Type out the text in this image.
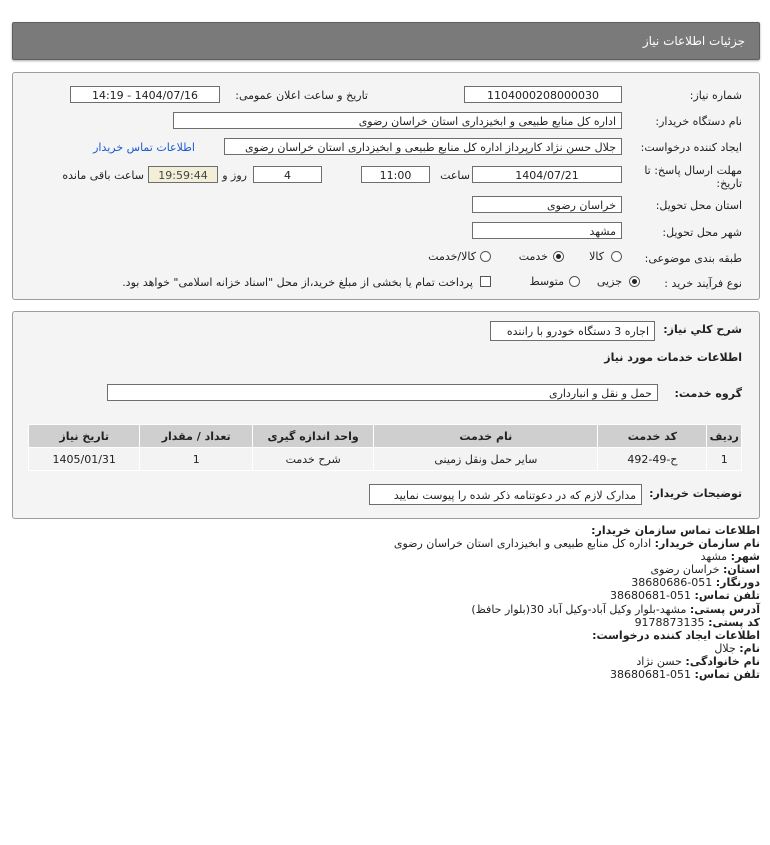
جزئیات اطلاعات نیاز
شماره نیاز:
1104000208000030
تاریخ و ساعت اعلان عمومی:
1404/07/16 - 14:19
نام دستگاه خریدار:
اداره کل منابع طبیعی و ابخیزداری استان خراسان رضوی
ایجاد کننده درخواست:
جلال حسن نژاد کارپرداز اداره کل منابع طبیعی و ابخیزداری استان خراسان رضوی
اطلاعات تماس خریدار
مهلت ارسال پاسخ: تا تاریخ:
1404/07/21
ساعت
11:00
4
روز و
19:59:44
ساعت باقی مانده
استان محل تحویل:
خراسان رضوی
شهر محل تحویل:
مشهد
طبقه بندی موضوعی:
کالا
خدمت
کالا/خدمت
نوع فرآیند خرید :
جزیی
متوسط
پرداخت تمام یا بخشی از مبلغ خرید،از محل "اسناد خزانه اسلامی" خواهد بود.
شرح کلي نياز:
اجاره 3 دستگاه خودرو با راننده
اطلاعات خدمات مورد نیاز
گروه خدمت:
حمل و نقل و انبارداری
ردیف	کد خدمت	نام خدمت	واحد اندازه گیری	تعداد / مقدار	تاریخ نیاز
1	ح-49-492	سایر حمل ونقل زمینی	شرح خدمت	1	1405/01/31
توضیحات خریدار:
مدارک لازم که در دعوتنامه ذکر شده را پیوست نمایید
اطلاعات تماس سازمان خریدار:
نام سازمان خریدار: اداره کل منابع طبیعی و ابخیزداری استان خراسان رضوی
شهر: مشهد
استان: خراسان رضوی
دورنگار: 051-38680686
تلفن تماس: 051-38680681
آدرس پستی: مشهد-بلوار وکیل آباد-وکیل آباد 30(بلوار حافظ)
کد پستی: 9178873135
اطلاعات ایجاد کننده درخواست:
نام: جلال
نام خانوادگی: حسن نژاد
تلفن تماس: 051-38680681
